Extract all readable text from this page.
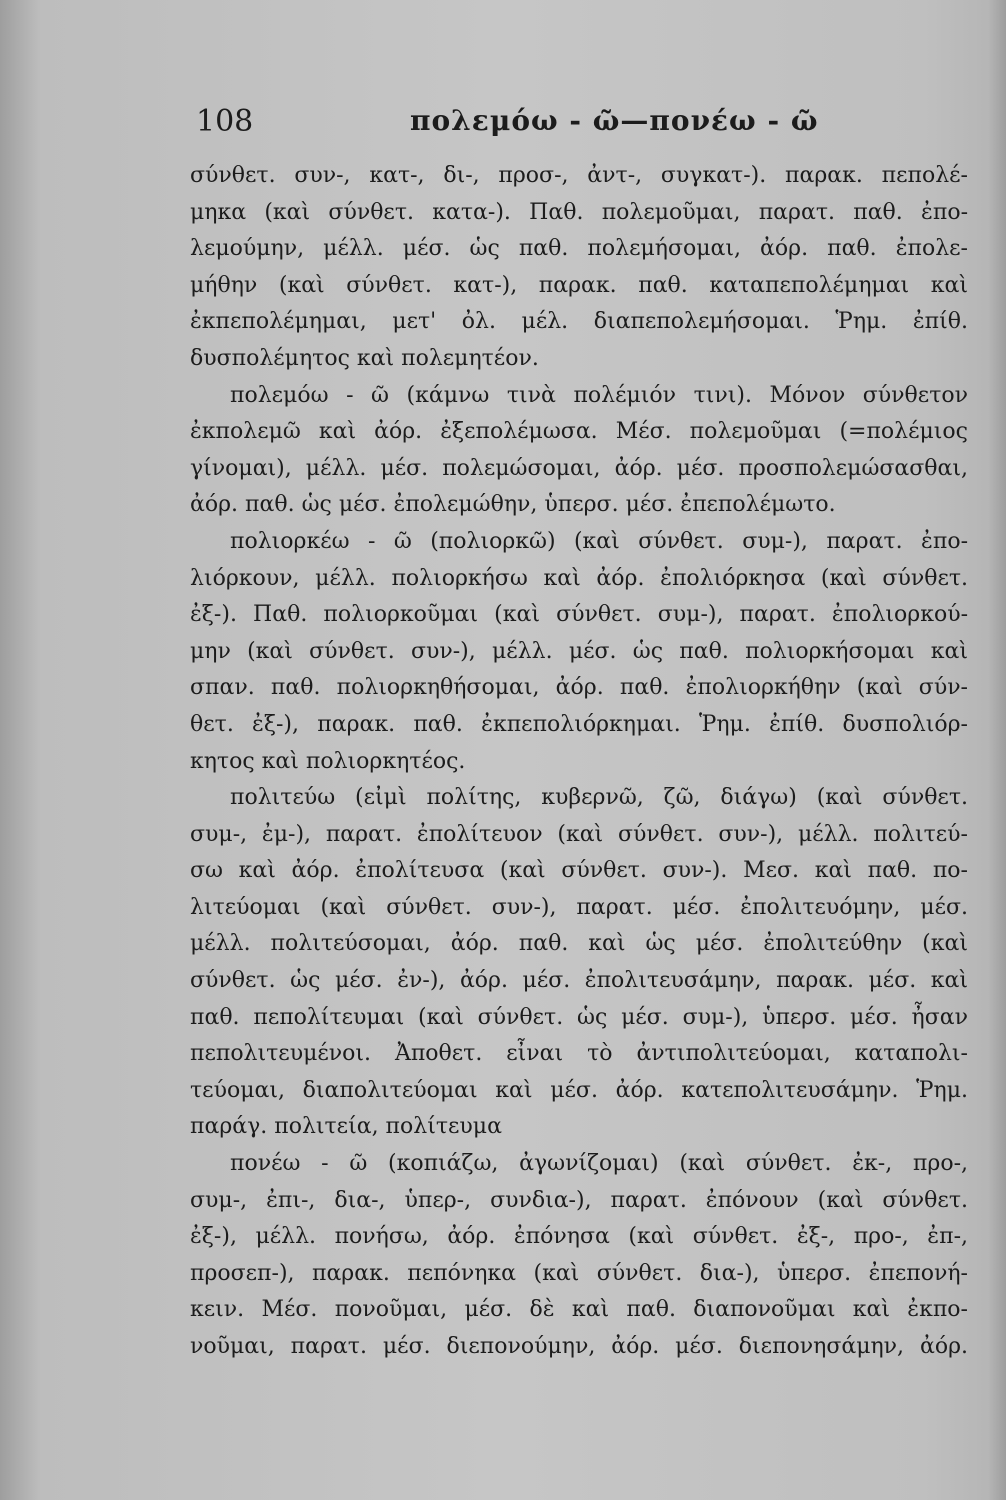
108	πολεμόω - ῶ—πονέω - ῶ
σύνθετ. συν-, κατ-, δι-, προσ-, ἀντ-, συγκατ-). παρακ. πεπολέ-
μηκα (καὶ σύνθετ. κατα-). Παθ. πολεμοῦμαι, παρατ. παθ. ἐπο-
λεμούμην, μέλλ. μέσ. ὡς παθ. πολεμήσομαι, ἀόρ. παθ. ἐπολε-
μήθην (καὶ σύνθετ. κατ-), παρακ. παθ. καταπεπολέμημαι καὶ
ἐκπεπολέμημαι, μετ' ὀλ. μέλ. διαπεπολεμήσομαι. Ῥημ. ἐπίθ.
δυσπολέμητος καὶ πολεμητέον.
πολεμόω - ῶ (κάμνω τινὰ πολέμιόν τινι). Μόνον σύνθετον
ἐκπολεμῶ καὶ ἀόρ. ἐξεπολέμωσα. Μέσ. πολεμοῦμαι (=πολέμιος
γίνομαι), μέλλ. μέσ. πολεμώσομαι, ἀόρ. μέσ. προσπολεμώσασθαι,
ἀόρ. παθ. ὡς μέσ. ἐπολεμώθην, ὑπερσ. μέσ. ἐπεπολέμωτο.
πολιορκέω - ῶ (πολιορκῶ) (καὶ σύνθετ. συμ-), παρατ. ἐπο-
λιόρκουν, μέλλ. πολιορκήσω καὶ ἀόρ. ἐπολιόρκησα (καὶ σύνθετ.
ἐξ-). Παθ. πολιορκοῦμαι (καὶ σύνθετ. συμ-), παρατ. ἐπολιορκού-
μην (καὶ σύνθετ. συν-), μέλλ. μέσ. ὡς παθ. πολιορκήσομαι καὶ
σπαν. παθ. πολιορκηθήσομαι, ἀόρ. παθ. ἐπολιορκήθην (καὶ σύν-
θετ. ἐξ-), παρακ. παθ. ἐκπεπολιόρκημαι. Ῥημ. ἐπίθ. δυσπολιόρ-
κητος καὶ πολιορκητέος.
πολιτεύω (εἰμὶ πολίτης, κυβερνῶ, ζῶ, διάγω) (καὶ σύνθετ.
συμ-, ἐμ-), παρατ. ἐπολίτευον (καὶ σύνθετ. συν-), μέλλ. πολιτεύ-
σω καὶ ἀόρ. ἐπολίτευσα (καὶ σύνθετ. συν-). Μεσ. καὶ παθ. πο-
λιτεύομαι (καὶ σύνθετ. συν-), παρατ. μέσ. ἐπολιτευόμην, μέσ.
μέλλ. πολιτεύσομαι, ἀόρ. παθ. καὶ ὡς μέσ. ἐπολιτεύθην (καὶ
σύνθετ. ὡς μέσ. ἐν-), ἀόρ. μέσ. ἐπολιτευσάμην, παρακ. μέσ. καὶ
παθ. πεπολίτευμαι (καὶ σύνθετ. ὡς μέσ. συμ-), ὑπερσ. μέσ. ἦσαν
πεπολιτευμένοι. Ἀποθετ. εἶναι τὸ ἀντιπολιτεύομαι, καταπολι-
τεύομαι, διαπολιτεύομαι καὶ μέσ. ἀόρ. κατεπολιτευσάμην. Ῥημ.
παράγ. πολιτεία, πολίτευμα
πονέω - ῶ (κοπιάζω, ἀγωνίζομαι) (καὶ σύνθετ. ἐκ-, προ-,
συμ-, ἐπι-, δια-, ὑπερ-, συνδια-), παρατ. ἐπόνουν (καὶ σύνθετ.
ἐξ-), μέλλ. πονήσω, ἀόρ. ἐπόνησα (καὶ σύνθετ. ἐξ-, προ-, ἐπ-,
προσεπ-), παρακ. πεπόνηκα (καὶ σύνθετ. δια-), ὑπερσ. ἐπεπονή-
κειν. Μέσ. πονοῦμαι, μέσ. δὲ καὶ παθ. διαπονοῦμαι καὶ ἐκπο-
νοῦμαι, παρατ. μέσ. διεπονούμην, ἀόρ. μέσ. διεπονησάμην, ἀόρ.
